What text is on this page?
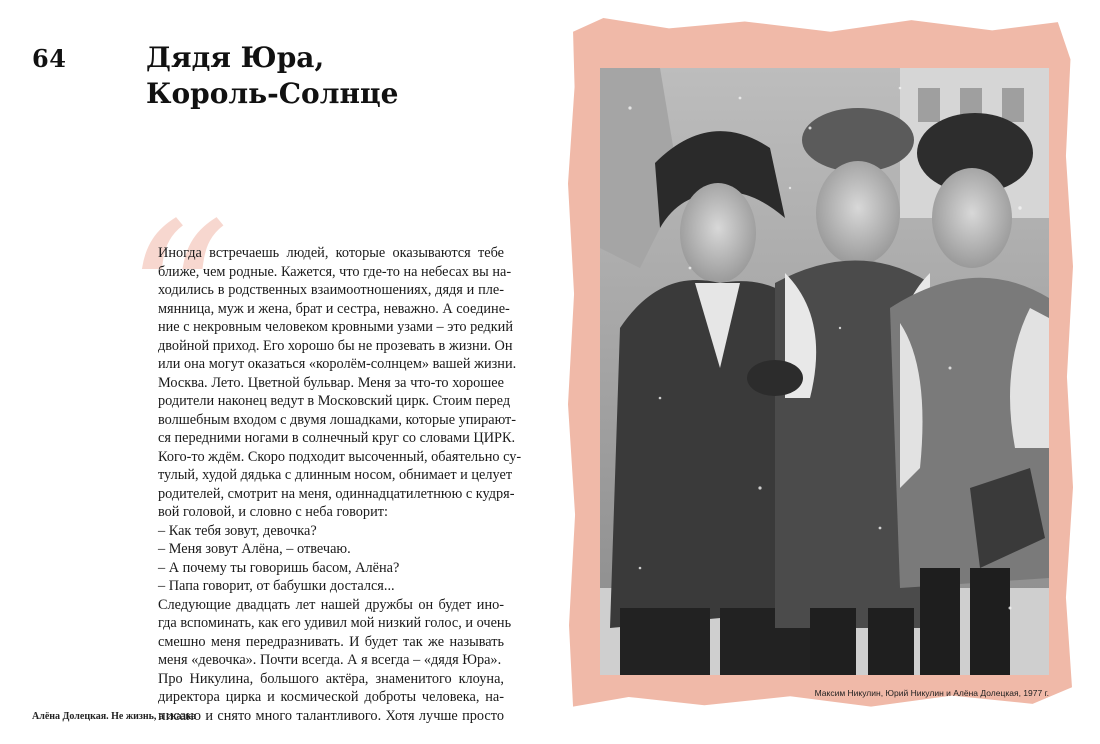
64	Дядя Юра,
Король-Солнце
“
Иногда встречаешь людей, которые оказываются тебе
ближе, чем родные. Кажется, что где-то на небесах вы на-
ходились в родственных взаимоотношениях, дядя и пле-
мянница, муж и жена, брат и сестра, неважно. А соедине-
ние с некровным человеком кровными узами – это редкий
двойной приход. Его хорошо бы не прозевать в жизни. Он
или она могут оказаться «королём-солнцем» вашей жизни.
Москва. Лето. Цветной бульвар. Меня за что-то хорошее
родители наконец ведут в Московский цирк. Стоим перед
волшебным входом с двумя лошадками, которые упирают-
ся передними ногами в солнечный круг со словами ЦИРК.
Кого-то ждём. Скоро подходит высоченный, обаятельно су-
тулый, худой дядька с длинным носом, обнимает и целует
родителей, смотрит на меня, одиннадцатилетнюю с кудря-
вой головой, и словно с неба говорит:
– Как тебя зовут, девочка?
– Меня зовут Алёна, – отвечаю.
– А почему ты говоришь басом, Алёна?
– Папа говорит, от бабушки достался...
Следующие двадцать лет нашей дружбы он будет ино-
гда вспоминать, как его удивил мой низкий голос, и очень
смешно меня передразнивать. И будет так же называть
меня «девочка». Почти всегда. А я всегда – «дядя Юра».
Про Никулина, большого актёра, знаменитого клоуна,
директора цирка и космической доброты человека, на-
писано и снято много талантливого. Хотя лучше просто
Алёна Долецкая. Не жизнь, а сказка
Максим Никулин, Юрий Никулин и Алёна Долецкая, 1977 г.
